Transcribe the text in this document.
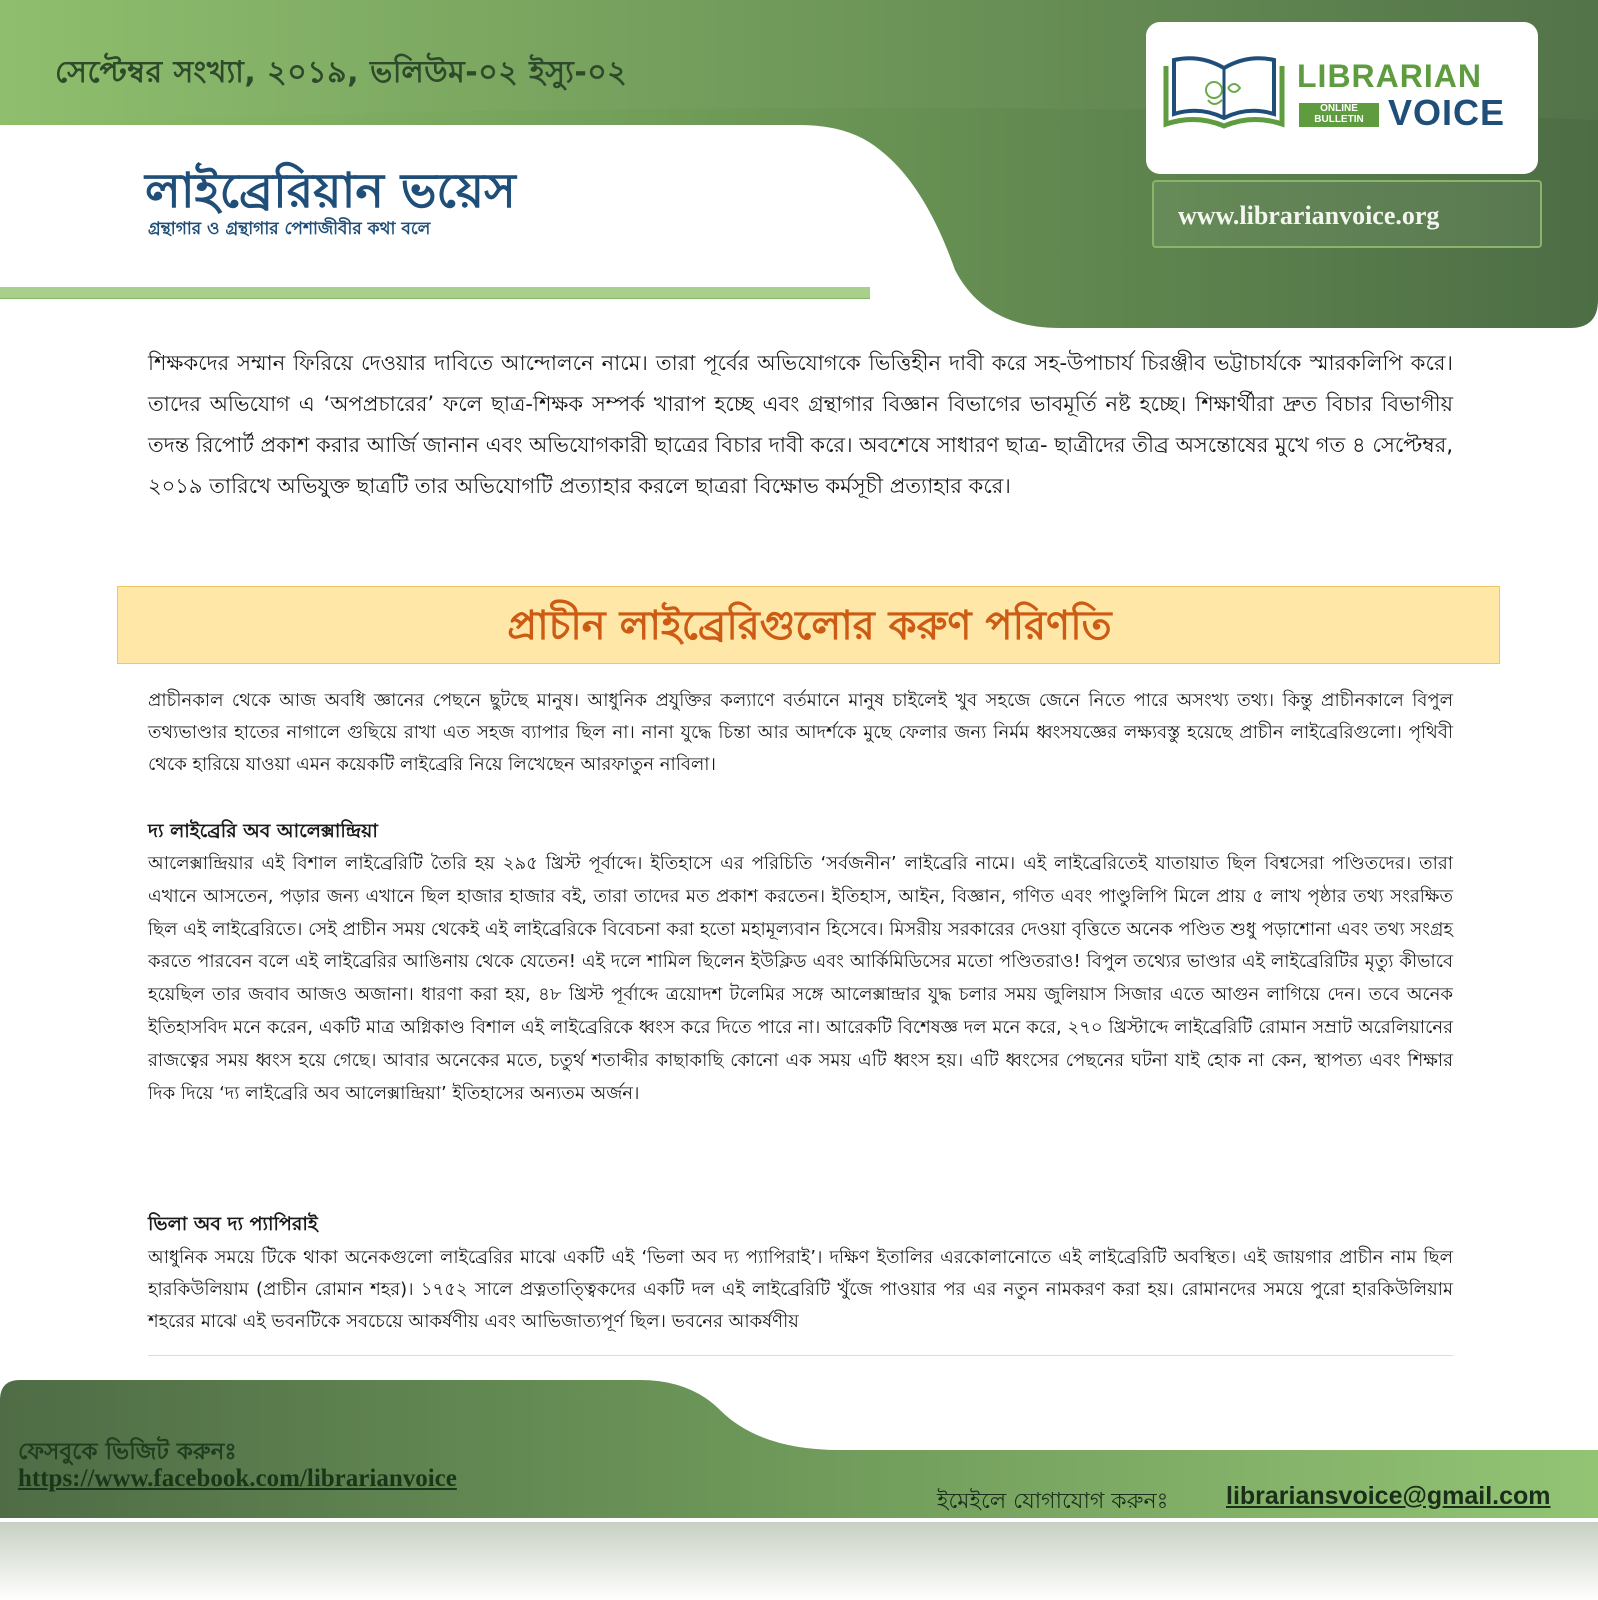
সেপ্টেম্বর সংখ্যা, ২০১৯, ভলিউম-০২ ইস্যু-০২
লাইব্রেরিয়ান ভয়েস
গ্রন্থাগার ও গ্রন্থাগার পেশাজীবীর কথা বলে
LIBRARIAN
ONLINE
BULLETIN VOICE
www.librarianvoice.org
শিক্ষকদের সম্মান ফিরিয়ে দেওয়ার দাবিতে আন্দোলনে নামে। তারা পূর্বের অভিযোগকে ভিত্তিহীন দাবী করে সহ-উপাচার্য চিরঞ্জীব ভট্টাচার্যকে স্মারকলিপি করে। তাদের অভিযোগ এ ‘অপপ্রচারের’ ফলে ছাত্র-শিক্ষক সম্পর্ক খারাপ হচ্ছে এবং গ্রন্থাগার বিজ্ঞান বিভাগের ভাবমূর্তি নষ্ট হচ্ছে। শিক্ষার্থীরা দ্রুত বিচার বিভাগীয় তদন্ত রিপোর্ট প্রকাশ করার আর্জি জানান এবং অভিযোগকারী ছাত্রের বিচার দাবী করে। অবশেষে সাধারণ ছাত্র- ছাত্রীদের তীব্র অসন্তোষের মুখে গত ৪ সেপ্টেম্বর, ২০১৯ তারিখে অভিযুক্ত ছাত্রটি তার অভিযোগটি প্রত্যাহার করলে ছাত্ররা বিক্ষোভ কর্মসূচী প্রত্যাহার করে।
প্রাচীন লাইব্রেরিগুলোর করুণ পরিণতি
প্রাচীনকাল থেকে আজ অবধি জ্ঞানের পেছনে ছুটছে মানুষ। আধুনিক প্রযুক্তির কল্যাণে বর্তমানে মানুষ চাইলেই খুব সহজে জেনে নিতে পারে অসংখ্য তথ্য। কিন্তু প্রাচীনকালে বিপুল তথ্যভাণ্ডার হাতের নাগালে গুছিয়ে রাখা এত সহজ ব্যাপার ছিল না। নানা যুদ্ধে চিন্তা আর আদর্শকে মুছে ফেলার জন্য নির্মম ধ্বংসযজ্ঞের লক্ষ্যবস্তু হয়েছে প্রাচীন লাইব্রেরিগুলো। পৃথিবী থেকে হারিয়ে যাওয়া এমন কয়েকটি লাইব্রেরি নিয়ে লিখেছেন আরফাতুন নাবিলা।
দ্য লাইব্রেরি অব আলেক্সান্দ্রিয়া
আলেক্সান্দ্রিয়ার এই বিশাল লাইব্রেরিটি তৈরি হয় ২৯৫ খ্রিস্ট পূর্বাব্দে। ইতিহাসে এর পরিচিতি ‘সর্বজনীন’ লাইব্রেরি নামে। এই লাইব্রেরিতেই যাতায়াত ছিল বিশ্বসেরা পণ্ডিতদের। তারা এখানে আসতেন, পড়ার জন্য এখানে ছিল হাজার হাজার বই, তারা তাদের মত প্রকাশ করতেন। ইতিহাস, আইন, বিজ্ঞান, গণিত এবং পাণ্ডুলিপি মিলে প্রায় ৫ লাখ পৃষ্ঠার তথ্য সংরক্ষিত ছিল এই লাইব্রেরিতে। সেই প্রাচীন সময় থেকেই এই লাইব্রেরিকে বিবেচনা করা হতো মহামূল্যবান হিসেবে। মিসরীয় সরকারের দেওয়া বৃত্তিতে অনেক পণ্ডিত শুধু পড়াশোনা এবং তথ্য সংগ্রহ করতে পারবেন বলে এই লাইব্রেরির আঙিনায় থেকে যেতেন! এই দলে শামিল ছিলেন ইউক্লিড এবং আর্কিমিডিসের মতো পণ্ডিতরাও! বিপুল তথ্যের ভাণ্ডার এই লাইব্রেরিটির মৃত্যু কীভাবে হয়েছিল তার জবাব আজও অজানা। ধারণা করা হয়, ৪৮ খ্রিস্ট পূর্বাব্দে ত্রয়োদশ টলেমির সঙ্গে আলেক্সান্দ্রার যুদ্ধ চলার সময় জুলিয়াস সিজার এতে আগুন লাগিয়ে দেন। তবে অনেক ইতিহাসবিদ মনে করেন, একটি মাত্র অগ্নিকাণ্ড বিশাল এই লাইব্রেরিকে ধ্বংস করে দিতে পারে না। আরেকটি বিশেষজ্ঞ দল মনে করে, ২৭০ খ্রিস্টাব্দে লাইব্রেরিটি রোমান সম্রাট অরেলিয়ানের রাজত্বের সময় ধ্বংস হয়ে গেছে। আবার অনেকের মতে, চতুর্থ শতাব্দীর কাছাকাছি কোনো এক সময় এটি ধ্বংস হয়। এটি ধ্বংসের পেছনের ঘটনা যাই হোক না কেন, স্থাপত্য এবং শিক্ষার দিক দিয়ে ‘দ্য লাইব্রেরি অব আলেক্সান্দ্রিয়া’ ইতিহাসের অন্যতম অর্জন।
ভিলা অব দ্য প্যাপিরাই
আধুনিক সময়ে টিকে থাকা অনেকগুলো লাইব্রেরির মাঝে একটি এই ‘ভিলা অব দ্য প্যাপিরাই’। দক্ষিণ ইতালির এরকোলানোতে এই লাইব্রেরিটি অবস্থিত। এই জায়গার প্রাচীন নাম ছিল হারকিউলিয়াম (প্রাচীন রোমান শহর)। ১৭৫২ সালে প্রত্নতাত্ত্বিকদের একটি দল এই লাইব্রেরিটি খুঁজে পাওয়ার পর এর নতুন নামকরণ করা হয়। রোমানদের সময়ে পুরো হারকিউলিয়াম শহরের মাঝে এই ভবনটিকে সবচেয়ে আকর্ষণীয় এবং আভিজাত্যপূর্ণ ছিল। ভবনের আকর্ষণীয়
ফেসবুকে ভিজিট করুনঃ
https://www.facebook.com/librarianvoice
ইমেইলে যোগাযোগ করুনঃ librariansvoice@gmail.com
